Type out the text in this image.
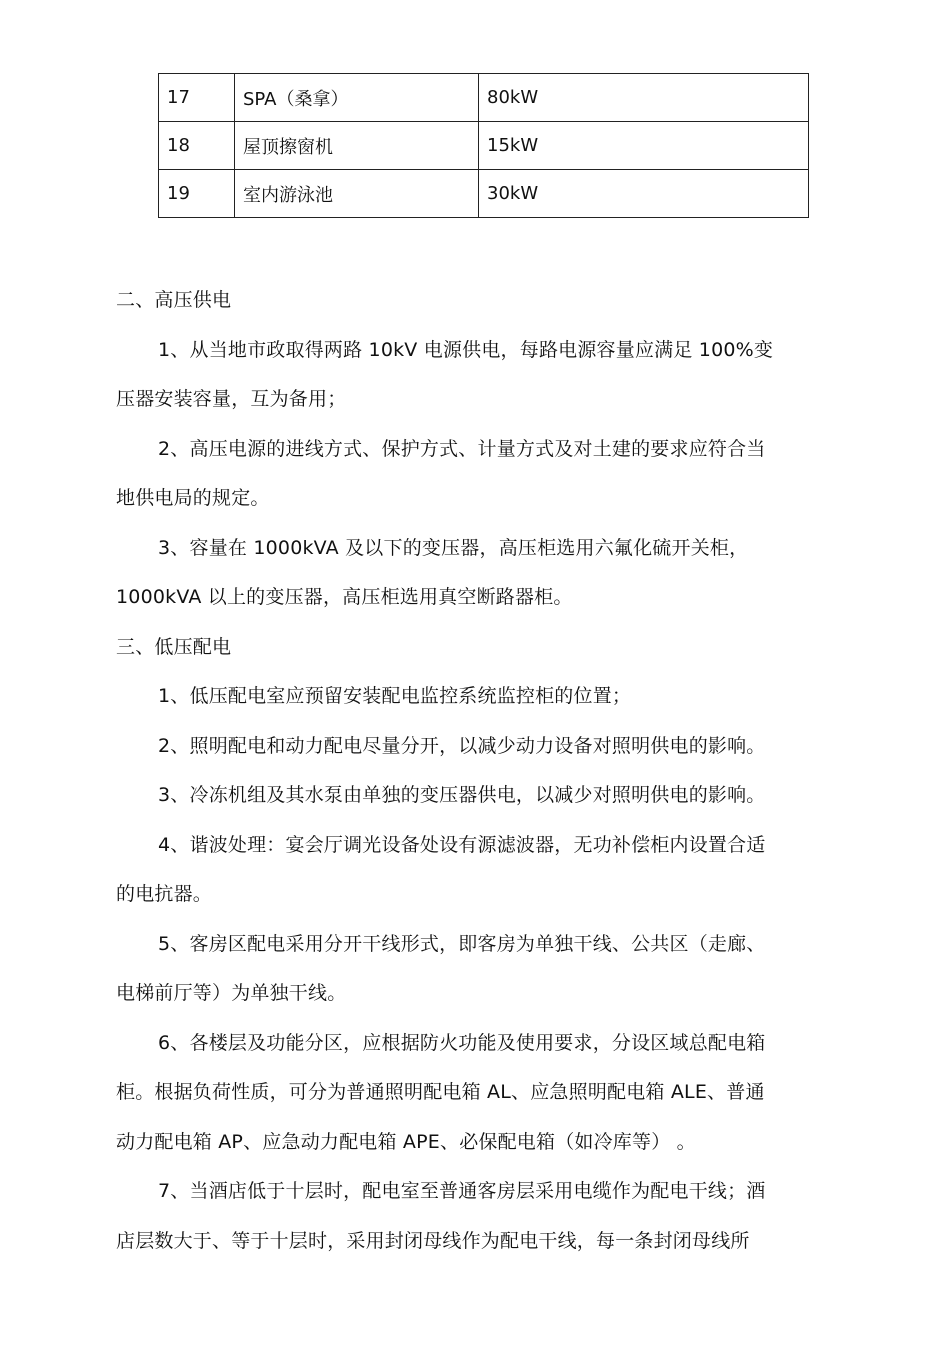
17	SPA（桑拿）	80kW
18	屋顶擦窗机	15kW
19	室内游泳池	30kW
二、高压供电
1、从当地市政取得两路 10kV 电源供电，每路电源容量应满足 100%变
压器安装容量，互为备用；
2、高压电源的进线方式、保护方式、计量方式及对土建的要求应符合当
地供电局的规定。
3、容量在 1000kVA 及以下的变压器，高压柜选用六氟化硫开关柜，
1000kVA 以上的变压器，高压柜选用真空断路器柜。
三、低压配电
1、低压配电室应预留安装配电监控系统监控柜的位置；
2、照明配电和动力配电尽量分开，以减少动力设备对照明供电的影响。
3、冷冻机组及其水泵由单独的变压器供电，以减少对照明供电的影响。
4、谐波处理：宴会厅调光设备处设有源滤波器，无功补偿柜内设置合适
的电抗器。
5、客房区配电采用分开干线形式，即客房为单独干线、公共区（走廊、
电梯前厅等）为单独干线。
6、各楼层及功能分区，应根据防火功能及使用要求，分设区域总配电箱
柜。根据负荷性质，可分为普通照明配电箱 AL、应急照明配电箱 ALE、普通
动力配电箱 AP、应急动力配电箱 APE、必保配电箱（如冷库等） 。
7、当酒店低于十层时，配电室至普通客房层采用电缆作为配电干线；酒
店层数大于、等于十层时，采用封闭母线作为配电干线，每一条封闭母线所
